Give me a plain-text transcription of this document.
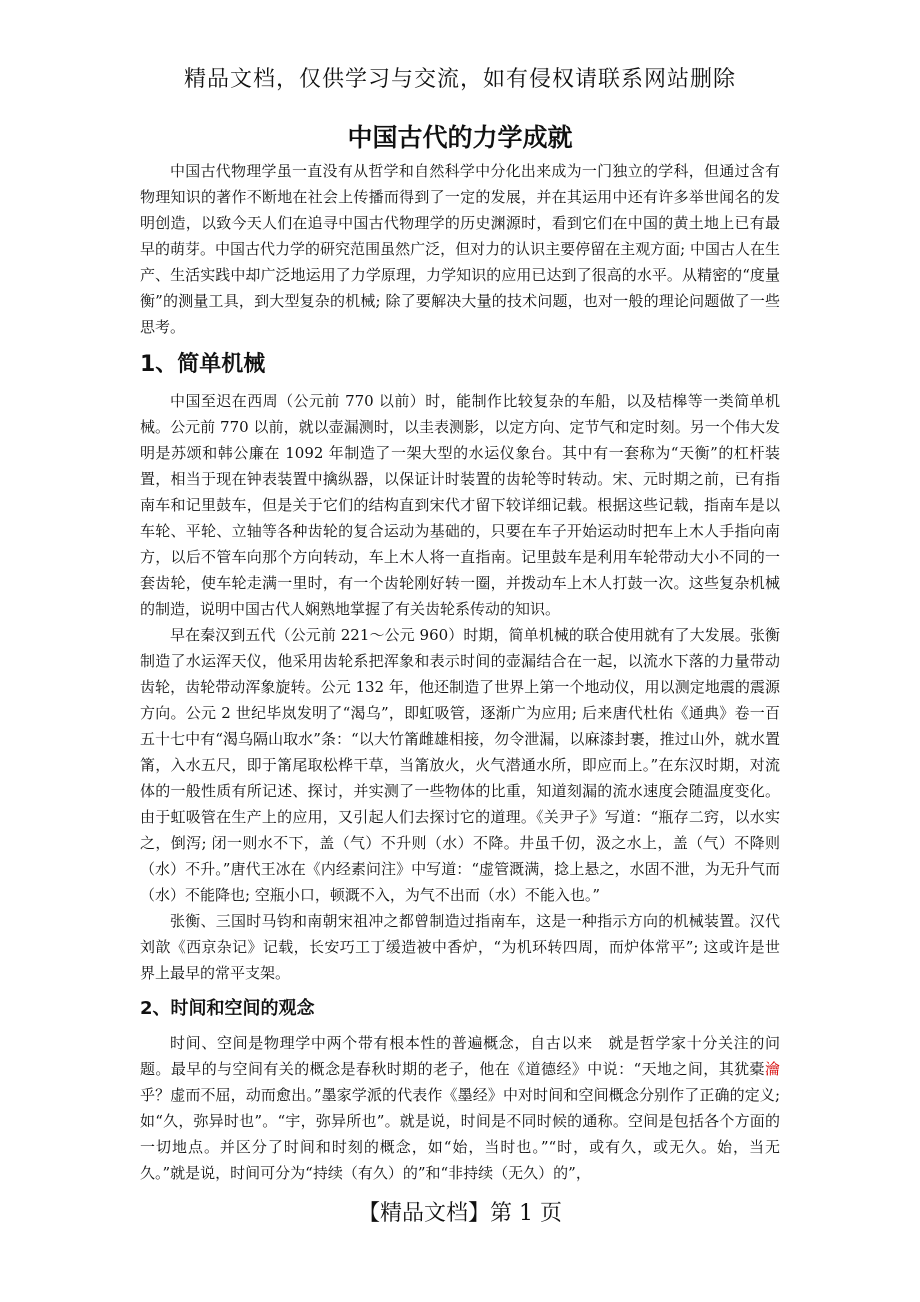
精品文档，仅供学习与交流，如有侵权请联系网站删除
中国古代的力学成就

中国古代物理学虽一直没有从哲学和自然科学中分化出来成为一门独立的学科，但通过含有物理知识的著作不断地在社会上传播而得到了一定的发展，并在其运用中还有许多举世闻名的发明创造，以致今天人们在追寻中国古代物理学的历史渊源时，看到它们在中国的黄土地上已有最早的萌芽。中国古代力学的研究范围虽然广泛，但对力的认识主要停留在主观方面; 中国古人在生产、生活实践中却广泛地运用了力学原理，力学知识的应用已达到了很高的水平。从精密的“度量衡”的测量工具，到大型复杂的机械; 除了要解决大量的技术问题，也对一般的理论问题做了一些思考。

1、简单机械

中国至迟在西周（公元前 770 以前）时，能制作比较复杂的车船，以及桔槔等一类简单机械。公元前 770 以前，就以壶漏测时，以圭表测影，以定方向、定节气和定时刻。另一个伟大发明是苏颂和韩公廉在 1092 年制造了一架大型的水运仪象台。其中有一套称为“天衡”的杠杆装置，相当于现在钟表装置中擒纵器，以保证计时装置的齿轮等时转动。宋、元时期之前，已有指南车和记里鼓车，但是关于它们的结构直到宋代才留下较详细记载。根据这些记载，指南车是以车轮、平轮、立轴等各种齿轮的复合运动为基础的，只要在车子开始运动时把车上木人手指向南方，以后不管车向那个方向转动，车上木人将一直指南。记里鼓车是利用车轮带动大小不同的一套齿轮，使车轮走满一里时，有一个齿轮刚好转一圈，并拨动车上木人打鼓一次。这些复杂机械的制造，说明中国古代人娴熟地掌握了有关齿轮系传动的知识。

早在秦汉到五代（公元前 221～公元 960）时期，简单机械的联合使用就有了大发展。张衡制造了水运浑天仪，他采用齿轮系把浑象和表示时间的壶漏结合在一起，以流水下落的力量带动齿轮，齿轮带动浑象旋转。公元 132 年，他还制造了世界上第一个地动仪，用以测定地震的震源方向。公元 2 世纪毕岚发明了“渴乌”，即虹吸管，逐渐广为应用; 后来唐代杜佑《通典》卷一百五十七中有“渴乌隔山取水”条：“以大竹筩雌雄相接，勿令泄漏，以麻漆封裹，推过山外，就水置筩，入水五尺，即于筩尾取松桦干草，当筩放火，火气潜通水所，即应而上。”在东汉时期，对流体的一般性质有所记述、探讨，并实测了一些物体的比重，知道刻漏的流水速度会随温度变化。由于虹吸管在生产上的应用，又引起人们去探讨它的道理。《关尹子》写道：“瓶存二窍，以水实之，倒泻; 闭一则水不下，盖（气）不升则（水）不降。井虽千仞，汲之水上，盖（气）不降则（水）不升。”唐代王冰在《内经素问注》中写道：“虚管溉满，捻上悬之，水固不泄，为无升气而（水）不能降也; 空瓶小口，顿溉不入，为气不出而（水）不能入也。”

张衡、三国时马钧和南朝宋祖冲之都曾制造过指南车，这是一种指示方向的机械装置。汉代刘歆《西京杂记》记载，长安巧工丁缓造被中香炉，“为机环转四周，而炉体常平”; 这或许是世界上最早的常平支架。

2、时间和空间的观念

时间、空间是物理学中两个带有根本性的普遍概念，自古以来　就是哲学家十分关注的问题。最早的与空间有关的概念是春秋时期的老子，他在《道德经》中说：“天地之间，其犹橐瀹乎？虚而不屈，动而愈出。”墨家学派的代表作《墨经》中对时间和空间概念分别作了正确的定义; 如“久，弥异时也”。“宇，弥异所也”。就是说，时间是不同时候的通称。空间是包括各个方面的一切地点。并区分了时间和时刻的概念，如“始，当时也。”“时，或有久，或无久。始，当无久。”就是说，时间可分为“持续（有久）的”和“非持续（无久）的”，

【精品文档】第 1 页
